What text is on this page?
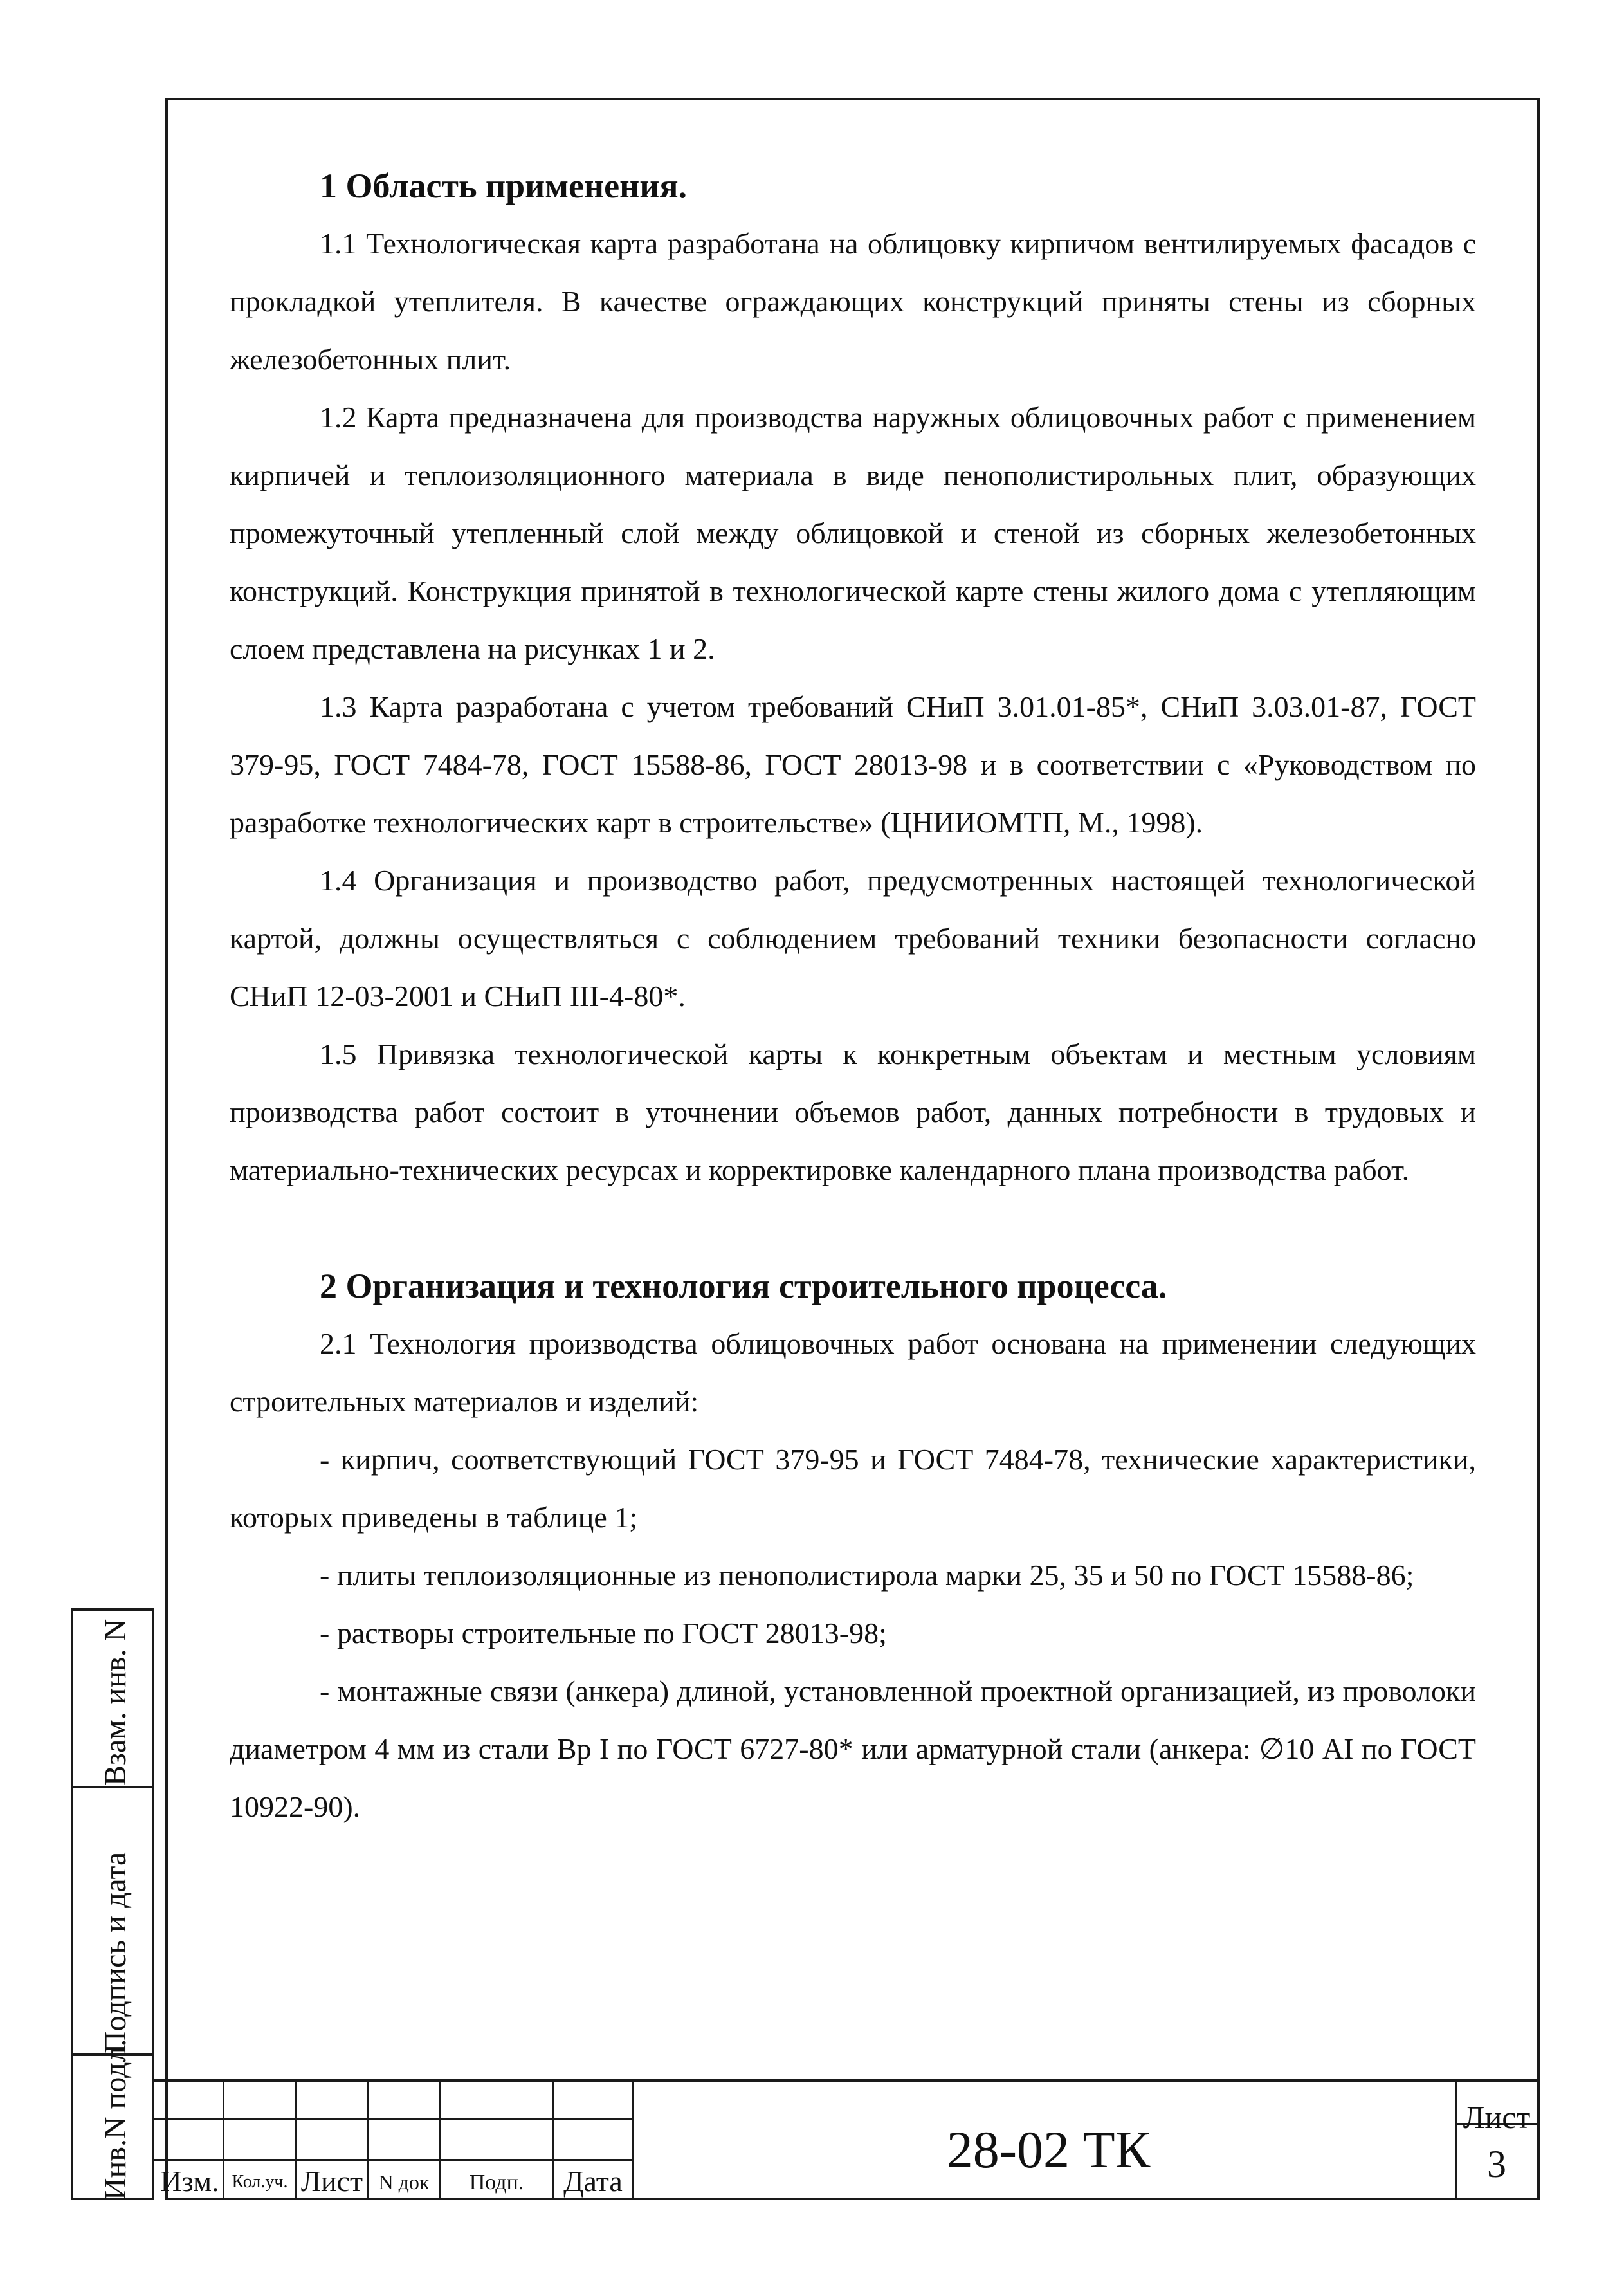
1 Область применения.

1.1 Технологическая карта разработана на облицовку кирпичом вентилируемых фасадов с прокладкой утеплителя. В качестве ограждающих конструкций приняты стены из сборных железобетонных плит.

1.2 Карта предназначена для производства наружных облицовочных работ с применением кирпичей и теплоизоляционного материала в виде пенополистирольных плит, образующих промежуточный утепленный слой между облицовкой и стеной из сборных железобетонных конструкций. Конструкция принятой в технологической карте стены жилого дома с утепляющим слоем представлена на рисунках 1 и 2.

1.3 Карта разработана с учетом требований СНиП 3.01.01-85*, СНиП 3.03.01-87, ГОСТ 379-95, ГОСТ 7484-78, ГОСТ 15588-86, ГОСТ 28013-98 и в соответствии с «Руководством по разработке технологических карт в строительстве» (ЦНИИОМТП, М., 1998).

1.4 Организация и производство работ, предусмотренных настоящей технологической картой, должны осуществляться с соблюдением требований техники безопасности согласно СНиП 12-03-2001 и СНиП III-4-80*.

1.5 Привязка технологической карты к конкретным объектам и местным условиям производства работ состоит в уточнении объемов работ, данных потребности в трудовых и материально-технических ресурсах и корректировке календарного плана производства работ.

2 Организация и технология строительного процесса.

2.1 Технология производства облицовочных работ основана на применении следующих строительных материалов и изделий:

- кирпич, соответствующий ГОСТ 379-95 и ГОСТ 7484-78, технические характеристики, которых приведены в таблице 1;

- плиты теплоизоляционные из пенополистирола марки 25, 35 и 50 по ГОСТ 15588-86;

- растворы строительные по ГОСТ 28013-98;

- монтажные связи (анкера) длиной, установленной проектной организацией, из проволоки диаметром 4 мм из стали Вр I по ГОСТ 6727-80* или арматурной стали (анкера: ∅10 AI по ГОСТ 10922-90).

Взам. инв. N
Подпись и дата
Инв.N подл. Изм. Кол.уч. Лист N док	Подп.	Дата
28-02 ТК
Лист
3
